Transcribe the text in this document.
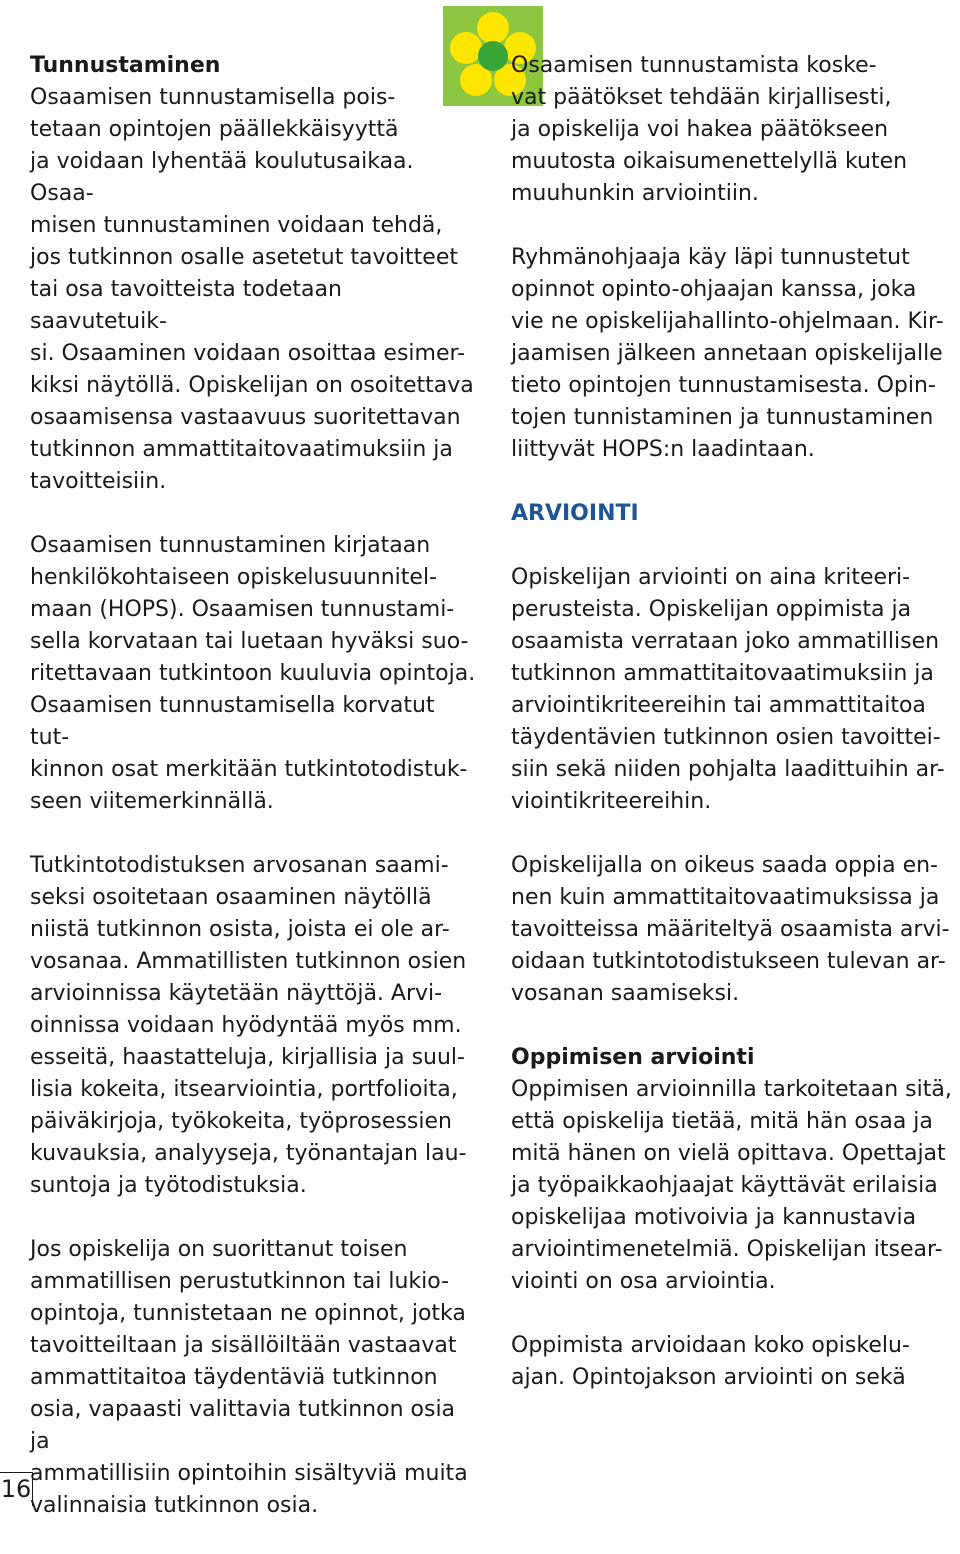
Tunnustaminen
Osaamisen tunnustamisella pois-
tetaan opintojen päällekkäisyyttä
ja voidaan lyhentää koulutusaikaa. Osaa-
misen tunnustaminen voidaan tehdä,
jos tutkinnon osalle asetetut tavoitteet
tai osa tavoitteista todetaan saavutetuik-
si. Osaaminen voidaan osoittaa esimer-
kiksi näytöllä. Opiskelijan on osoitettava
osaamisensa vastaavuus suoritettavan
tutkinnon ammattitaitovaatimuksiin ja
tavoitteisiin.
Osaamisen tunnustaminen kirjataan
henkilökohtaiseen opiskelusuunnitel-
maan (HOPS). Osaamisen tunnustami-
sella korvataan tai luetaan hyväksi suo-
ritettavaan tutkintoon kuuluvia opintoja.
Osaamisen tunnustamisella korvatut tut-
kinnon osat merkitään tutkintotodistuk-
seen viitemerkinnällä.
Tutkintotodistuksen arvosanan saami-
seksi osoitetaan osaaminen näytöllä
niistä tutkinnon osista, joista ei ole ar-
vosanaa. Ammatillisten tutkinnon osien
arvioinnissa käytetään näyttöjä. Arvi-
oinnissa voidaan hyödyntää myös mm.
esseitä, haastatteluja, kirjallisia ja suul-
lisia kokeita, itsearviointia, portfolioita,
päiväkirjoja, työkokeita, työprosessien
kuvauksia, analyyseja, työnantajan lau-
suntoja ja työtodistuksia.
Jos opiskelija on suorittanut toisen
ammatillisen perustutkinnon tai lukio-
opintoja, tunnistetaan ne opinnot, jotka
tavoitteiltaan ja sisällöiltään vastaavat
ammattitaitoa täydentäviä tutkinnon
osia, vapaasti valittavia tutkinnon osia ja
ammatillisiin opintoihin sisältyviä muita
valinnaisia tutkinnon osia.
Osaamisen tunnustamista koske-
vat päätökset tehdään kirjallisesti,
ja opiskelija voi hakea päätökseen
muutosta oikaisumenettelyllä kuten
muuhunkin arviointiin.
Ryhmänohjaaja käy läpi tunnustetut
opinnot opinto-ohjaajan kanssa, joka
vie ne opiskelijahallinto-ohjelmaan. Kir-
jaamisen jälkeen annetaan opiskelijalle
tieto opintojen tunnustamisesta. Opin-
tojen tunnistaminen ja tunnustaminen
liittyvät HOPS:n laadintaan.
ARVIOINTI
Opiskelijan arviointi on aina kriteeri-
perusteista. Opiskelijan oppimista ja
osaamista verrataan joko ammatillisen
tutkinnon ammattitaitovaatimuksiin ja
arviointikriteereihin tai ammattitaitoa
täydentävien tutkinnon osien tavoittei-
siin sekä niiden pohjalta laadittuihin ar-
viointikriteereihin.
Opiskelijalla on oikeus saada oppia en-
nen kuin ammattitaitovaatimuksissa ja
tavoitteissa määriteltyä osaamista arvi-
oidaan tutkintotodistukseen tulevan ar-
vosanan saamiseksi.
Oppimisen arviointi
Oppimisen arvioinnilla tarkoitetaan sitä,
että opiskelija tietää, mitä hän osaa ja
mitä hänen on vielä opittava. Opettajat
ja työpaikkaohjaajat käyttävät erilaisia
opiskelijaa motivoivia ja kannustavia
arviointimenetelmiä. Opiskelijan itsear-
viointi on osa arviointia.
Oppimista arvioidaan koko opiskelu-
ajan. Opintojakson arviointi on sekä
16
